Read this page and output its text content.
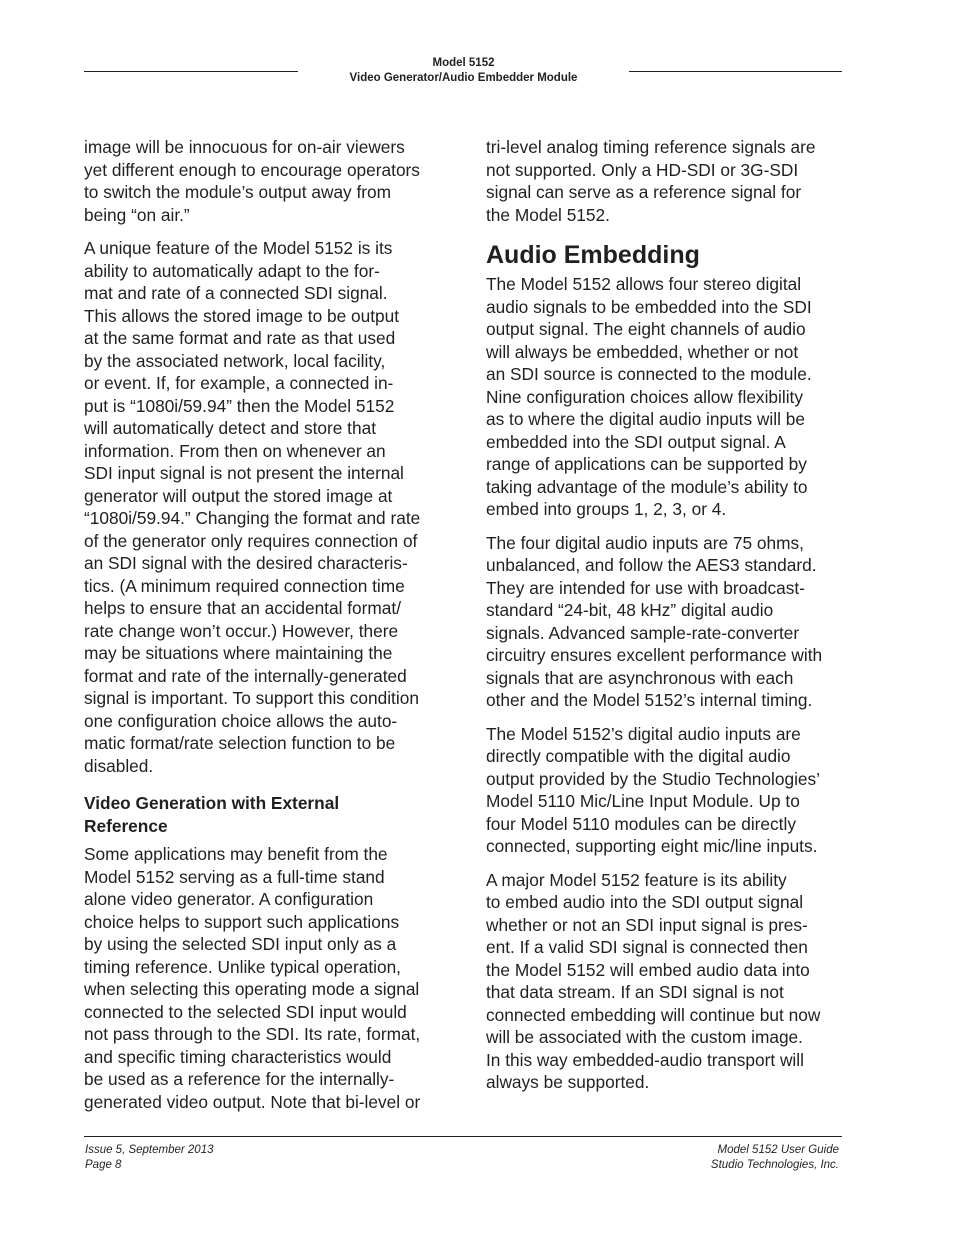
Model 5152
Video Generator/Audio Embedder Module

image will be innocuous for on-air viewers
yet different enough to encourage operators
to switch the module’s output away from
being “on air.”

A unique feature of the Model 5152 is its
ability to automatically adapt to the for-
mat and rate of a connected SDI signal.
This allows the stored image to be output
at the same format and rate as that used
by the associated network, local facility,
or event. If, for example, a connected in-
put is “1080i/59.94” then the Model 5152
will automatically detect and store that
information. From then on whenever an
SDI input signal is not present the internal
generator will output the stored image at
“1080i/59.94.” Changing the format and rate
of the generator only requires connection of
an SDI signal with the desired characteris-
tics. (A minimum required connection time
helps to ensure that an accidental format/
rate change won’t occur.) However, there
may be situations where maintaining the
format and rate of the internally-generated
signal is important. To support this condition
one configuration choice allows the auto-
matic format/rate selection function to be
disabled.

Video Generation with External
Reference

Some applications may benefit from the
Model 5152 serving as a full-time stand
alone video generator. A configuration
choice helps to support such applications
by using the selected SDI input only as a
timing reference. Unlike typical operation,
when selecting this operating mode a signal
connected to the selected SDI input would
not pass through to the SDI. Its rate, format,
and specific timing characteristics would
be used as a reference for the internally-
generated video output. Note that bi-level or

tri-level analog timing reference signals are
not supported. Only a HD-SDI or 3G-SDI
signal can serve as a reference signal for
the Model 5152.

Audio Embedding

The Model 5152 allows four stereo digital
audio signals to be embedded into the SDI
output signal. The eight channels of audio
will always be embedded, whether or not
an SDI source is connected to the module.
Nine configuration choices allow flexibility
as to where the digital audio inputs will be
embedded into the SDI output signal. A
range of applications can be supported by
taking advantage of the module’s ability to
embed into groups 1, 2, 3, or 4.

The four digital audio inputs are 75 ohms,
unbalanced, and follow the AES3 standard.
They are intended for use with broadcast-
standard “24-bit, 48 kHz” digital audio
signals. Advanced sample-rate-converter
circuitry ensures excellent performance with
signals that are asynchronous with each
other and the Model 5152’s internal timing.

The Model 5152’s digital audio inputs are
directly compatible with the digital audio
output provided by the Studio Technologies’
Model 5110 Mic/Line Input Module. Up to
four Model 5110 modules can be directly
connected, supporting eight mic/line inputs.

A major Model 5152 feature is its ability
to embed audio into the SDI output signal
whether or not an SDI input signal is pres-
ent. If a valid SDI signal is connected then
the Model 5152 will embed audio data into
that data stream. If an SDI signal is not
connected embedding will continue but now
will be associated with the custom image.
In this way embedded-audio transport will
always be supported.

Issue 5, September 2013
Page 8
Model 5152 User Guide
Studio Technologies, Inc.
